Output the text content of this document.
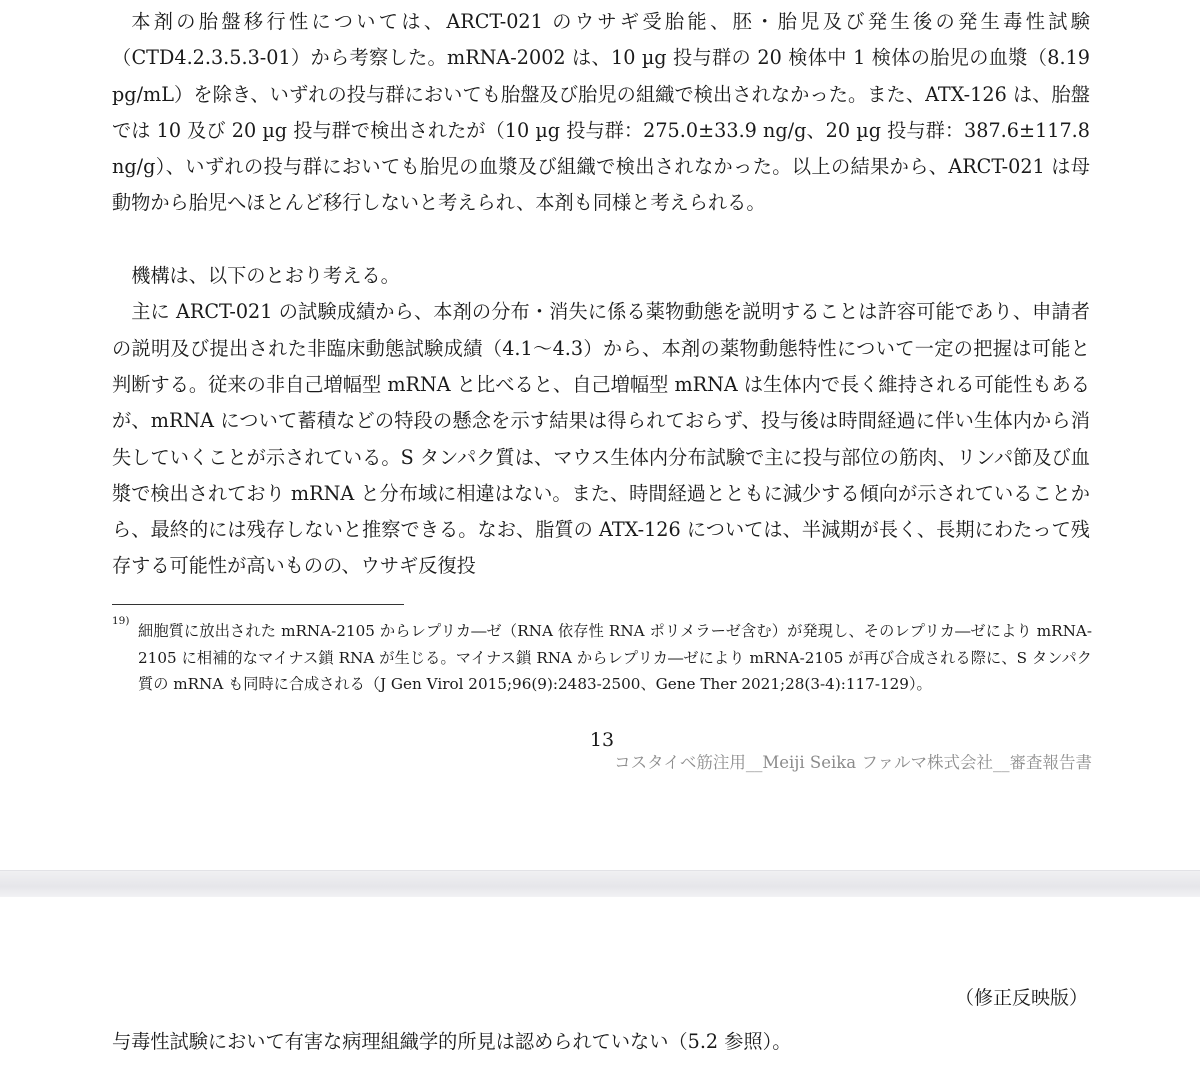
本剤の胎盤移行性については、ARCT-021 のウサギ受胎能、胚・胎児及び発生後の発生毒性試験（CTD4.2.3.5.3-01）から考察した。mRNA-2002 は、10 µg 投与群の 20 検体中 1 検体の胎児の血漿（8.19 pg/mL）を除き、いずれの投与群においても胎盤及び胎児の組織で検出されなかった。また、ATX-126 は、胎盤では 10 及び 20 µg 投与群で検出されたが（10 µg 投与群：275.0±33.9 ng/g、20 µg 投与群：387.6±117.8 ng/g）、いずれの投与群においても胎児の血漿及び組織で検出されなかった。以上の結果から、ARCT-021 は母動物から胎児へほとんど移行しないと考えられ、本剤も同様と考えられる。

機構は、以下のとおり考える。

主に ARCT-021 の試験成績から、本剤の分布・消失に係る薬物動態を説明することは許容可能であり、申請者の説明及び提出された非臨床動態試験成績（4.1～4.3）から、本剤の薬物動態特性について一定の把握は可能と判断する。従来の非自己増幅型 mRNA と比べると、自己増幅型 mRNA は生体内で長く維持される可能性もあるが、mRNA について蓄積などの特段の懸念を示す結果は得られておらず、投与後は時間経過に伴い生体内から消失していくことが示されている。S タンパク質は、マウス生体内分布試験で主に投与部位の筋肉、リンパ節及び血漿で検出されており mRNA と分布域に相違はない。また、時間経過とともに減少する傾向が示されていることから、最終的には残存しないと推察できる。なお、脂質の ATX-126 については、半減期が長く、長期にわたって残存する可能性が高いものの、ウサギ反復投

19)
細胞質に放出された mRNA-2105 からレプリカ―ゼ（RNA 依存性 RNA ポリメラーゼ含む）が発現し、そのレプリカ―ゼにより mRNA-2105 に相補的なマイナス鎖 RNA が生じる。マイナス鎖 RNA からレプリカ―ゼにより mRNA-2105 が再び合成される際に、S タンパク質の mRNA も同時に合成される（J Gen Virol 2015;96(9):2483-2500、Gene Ther 2021;28(3-4):117-129）。
13
コスタイベ筋注用__Meiji Seika ファルマ株式会社__審査報告書
（修正反映版）
与毒性試験において有害な病理組織学的所見は認められていない（5.2 参照）。
